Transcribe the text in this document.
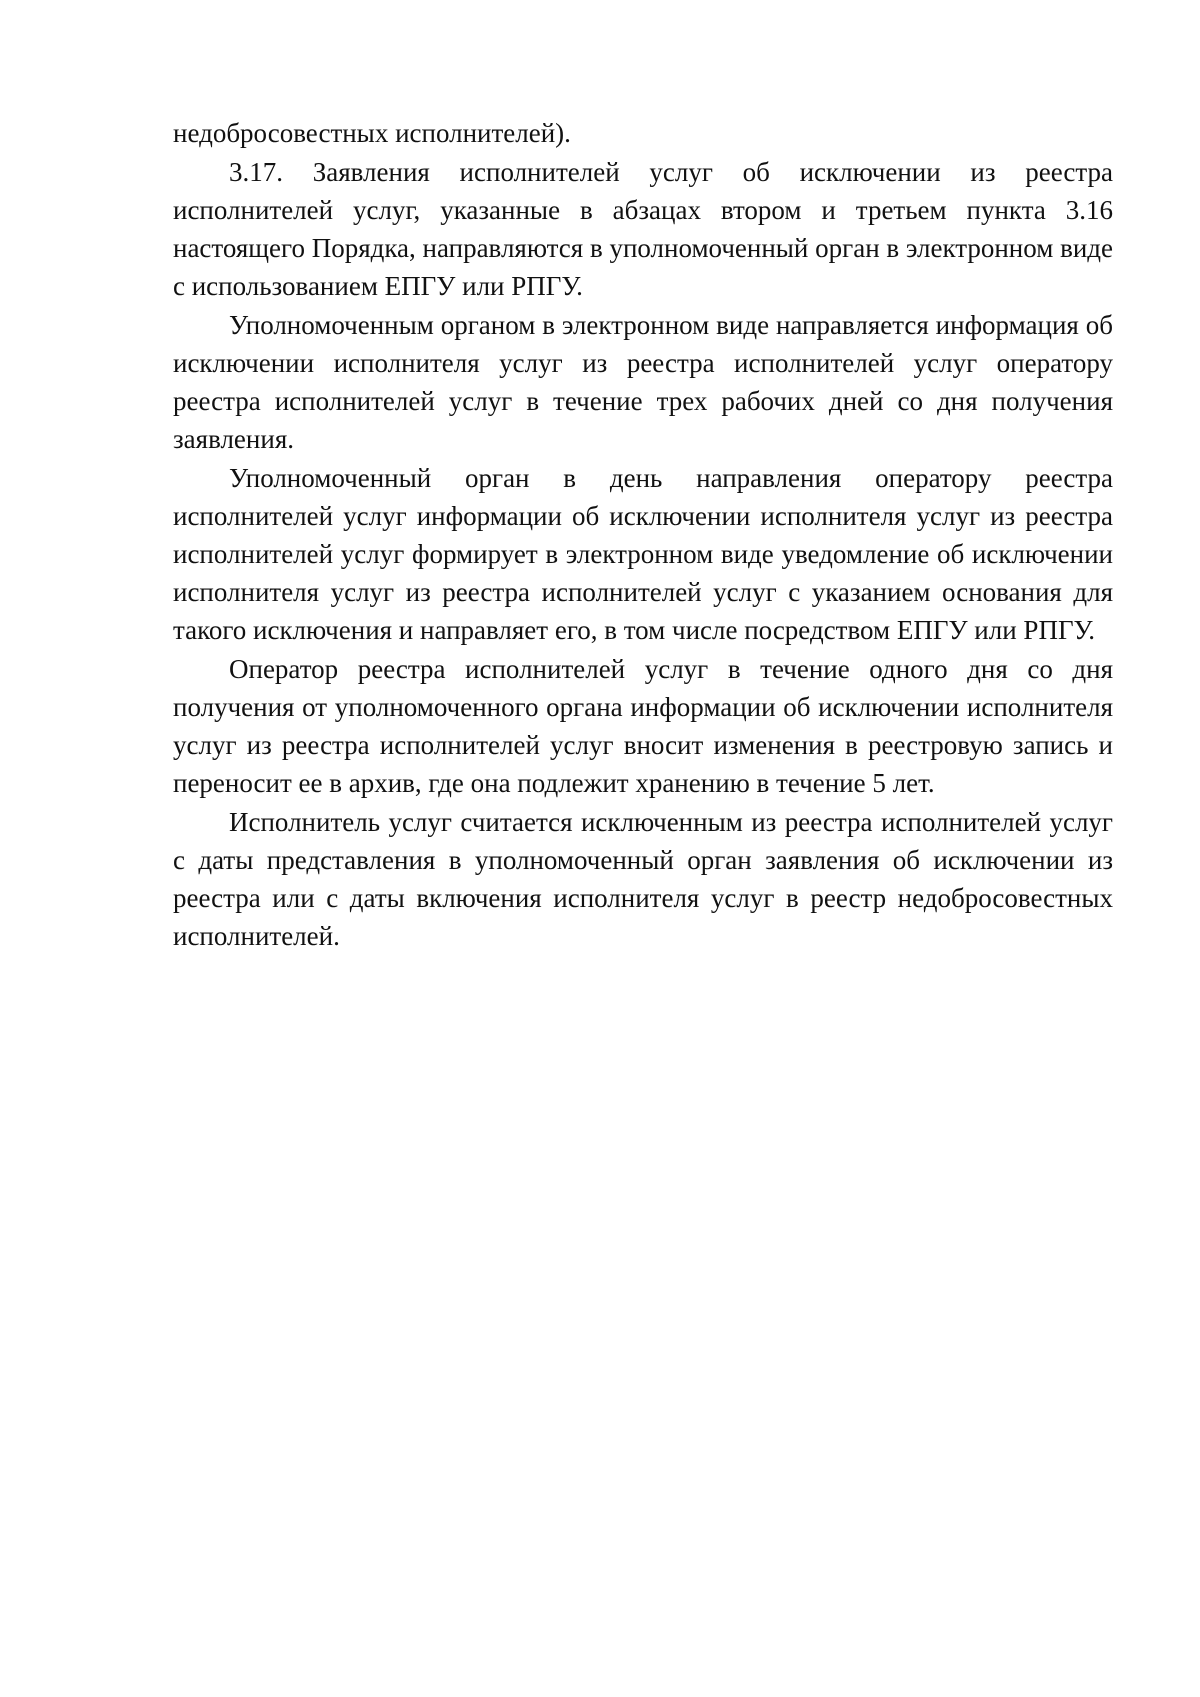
недобросовестных исполнителей).

3.17. Заявления исполнителей услуг об исключении из реестра исполнителей услуг, указанные в абзацах втором и третьем пункта 3.16 настоящего Порядка, направляются в уполномоченный орган в электронном виде с использованием ЕПГУ или РПГУ.

Уполномоченным органом в электронном виде направляется информация об исключении исполнителя услуг из реестра исполнителей услуг оператору реестра исполнителей услуг в течение трех рабочих дней со дня получения заявления.

Уполномоченный орган в день направления оператору реестра исполнителей услуг информации об исключении исполнителя услуг из реестра исполнителей услуг формирует в электронном виде уведомление об исключении исполнителя услуг из реестра исполнителей услуг с указанием основания для такого исключения и направляет его, в том числе посредством ЕПГУ или РПГУ.

Оператор реестра исполнителей услуг в течение одного дня со дня получения от уполномоченного органа информации об исключении исполнителя услуг из реестра исполнителей услуг вносит изменения в реестровую запись и переносит ее в архив, где она подлежит хранению в течение 5 лет.

Исполнитель услуг считается исключенным из реестра исполнителей услуг с даты представления в уполномоченный орган заявления об исключении из реестра или с даты включения исполнителя услуг в реестр недобросовестных исполнителей.
